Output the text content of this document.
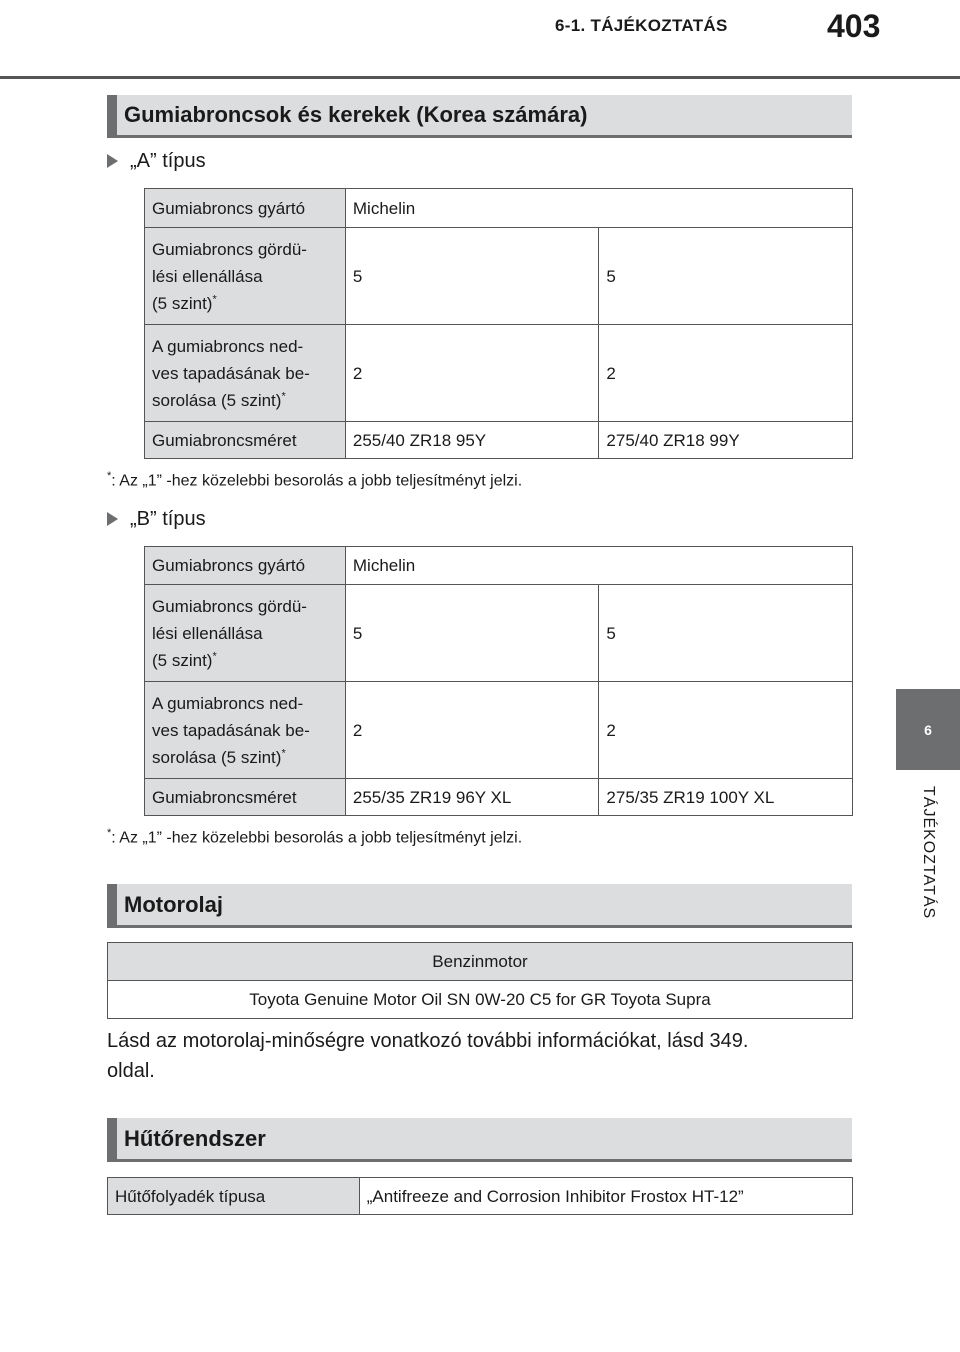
6-1. TÁJÉKOZTATÁS	403
6
TÁJÉKOZTATÁS
Gumiabroncsok és kerekek (Korea számára)
„A” típus
Gumiabroncs gyártó	Michelin	
Gumiabroncs gördü-
lési ellenállása
(5 szint)*	5	5
A gumiabroncs ned-
ves tapadásának be-
sorolása (5 szint)*	2	2
Gumiabroncsméret	255/40 ZR18 95Y	275/40 ZR18 99Y
*: Az „1” -hez közelebbi besorolás a jobb teljesítményt jelzi.
„B” típus
Gumiabroncs gyártó	Michelin	
Gumiabroncs gördü-
lési ellenállása
(5 szint)*	5	5
A gumiabroncs ned-
ves tapadásának be-
sorolása (5 szint)*	2	2
Gumiabroncsméret	255/35 ZR19 96Y XL	275/35 ZR19 100Y XL
*: Az „1” -hez közelebbi besorolás a jobb teljesítményt jelzi.
Motorolaj
Benzinmotor
Toyota Genuine Motor Oil SN 0W-20 C5 for GR Toyota Supra
Lásd az motorolaj-minőségre vonatkozó további információkat, lásd 349.
oldal.
Hűtőrendszer
Hűtőfolyadék típusa	„Antifreeze and Corrosion Inhibitor Frostox HT-12”
